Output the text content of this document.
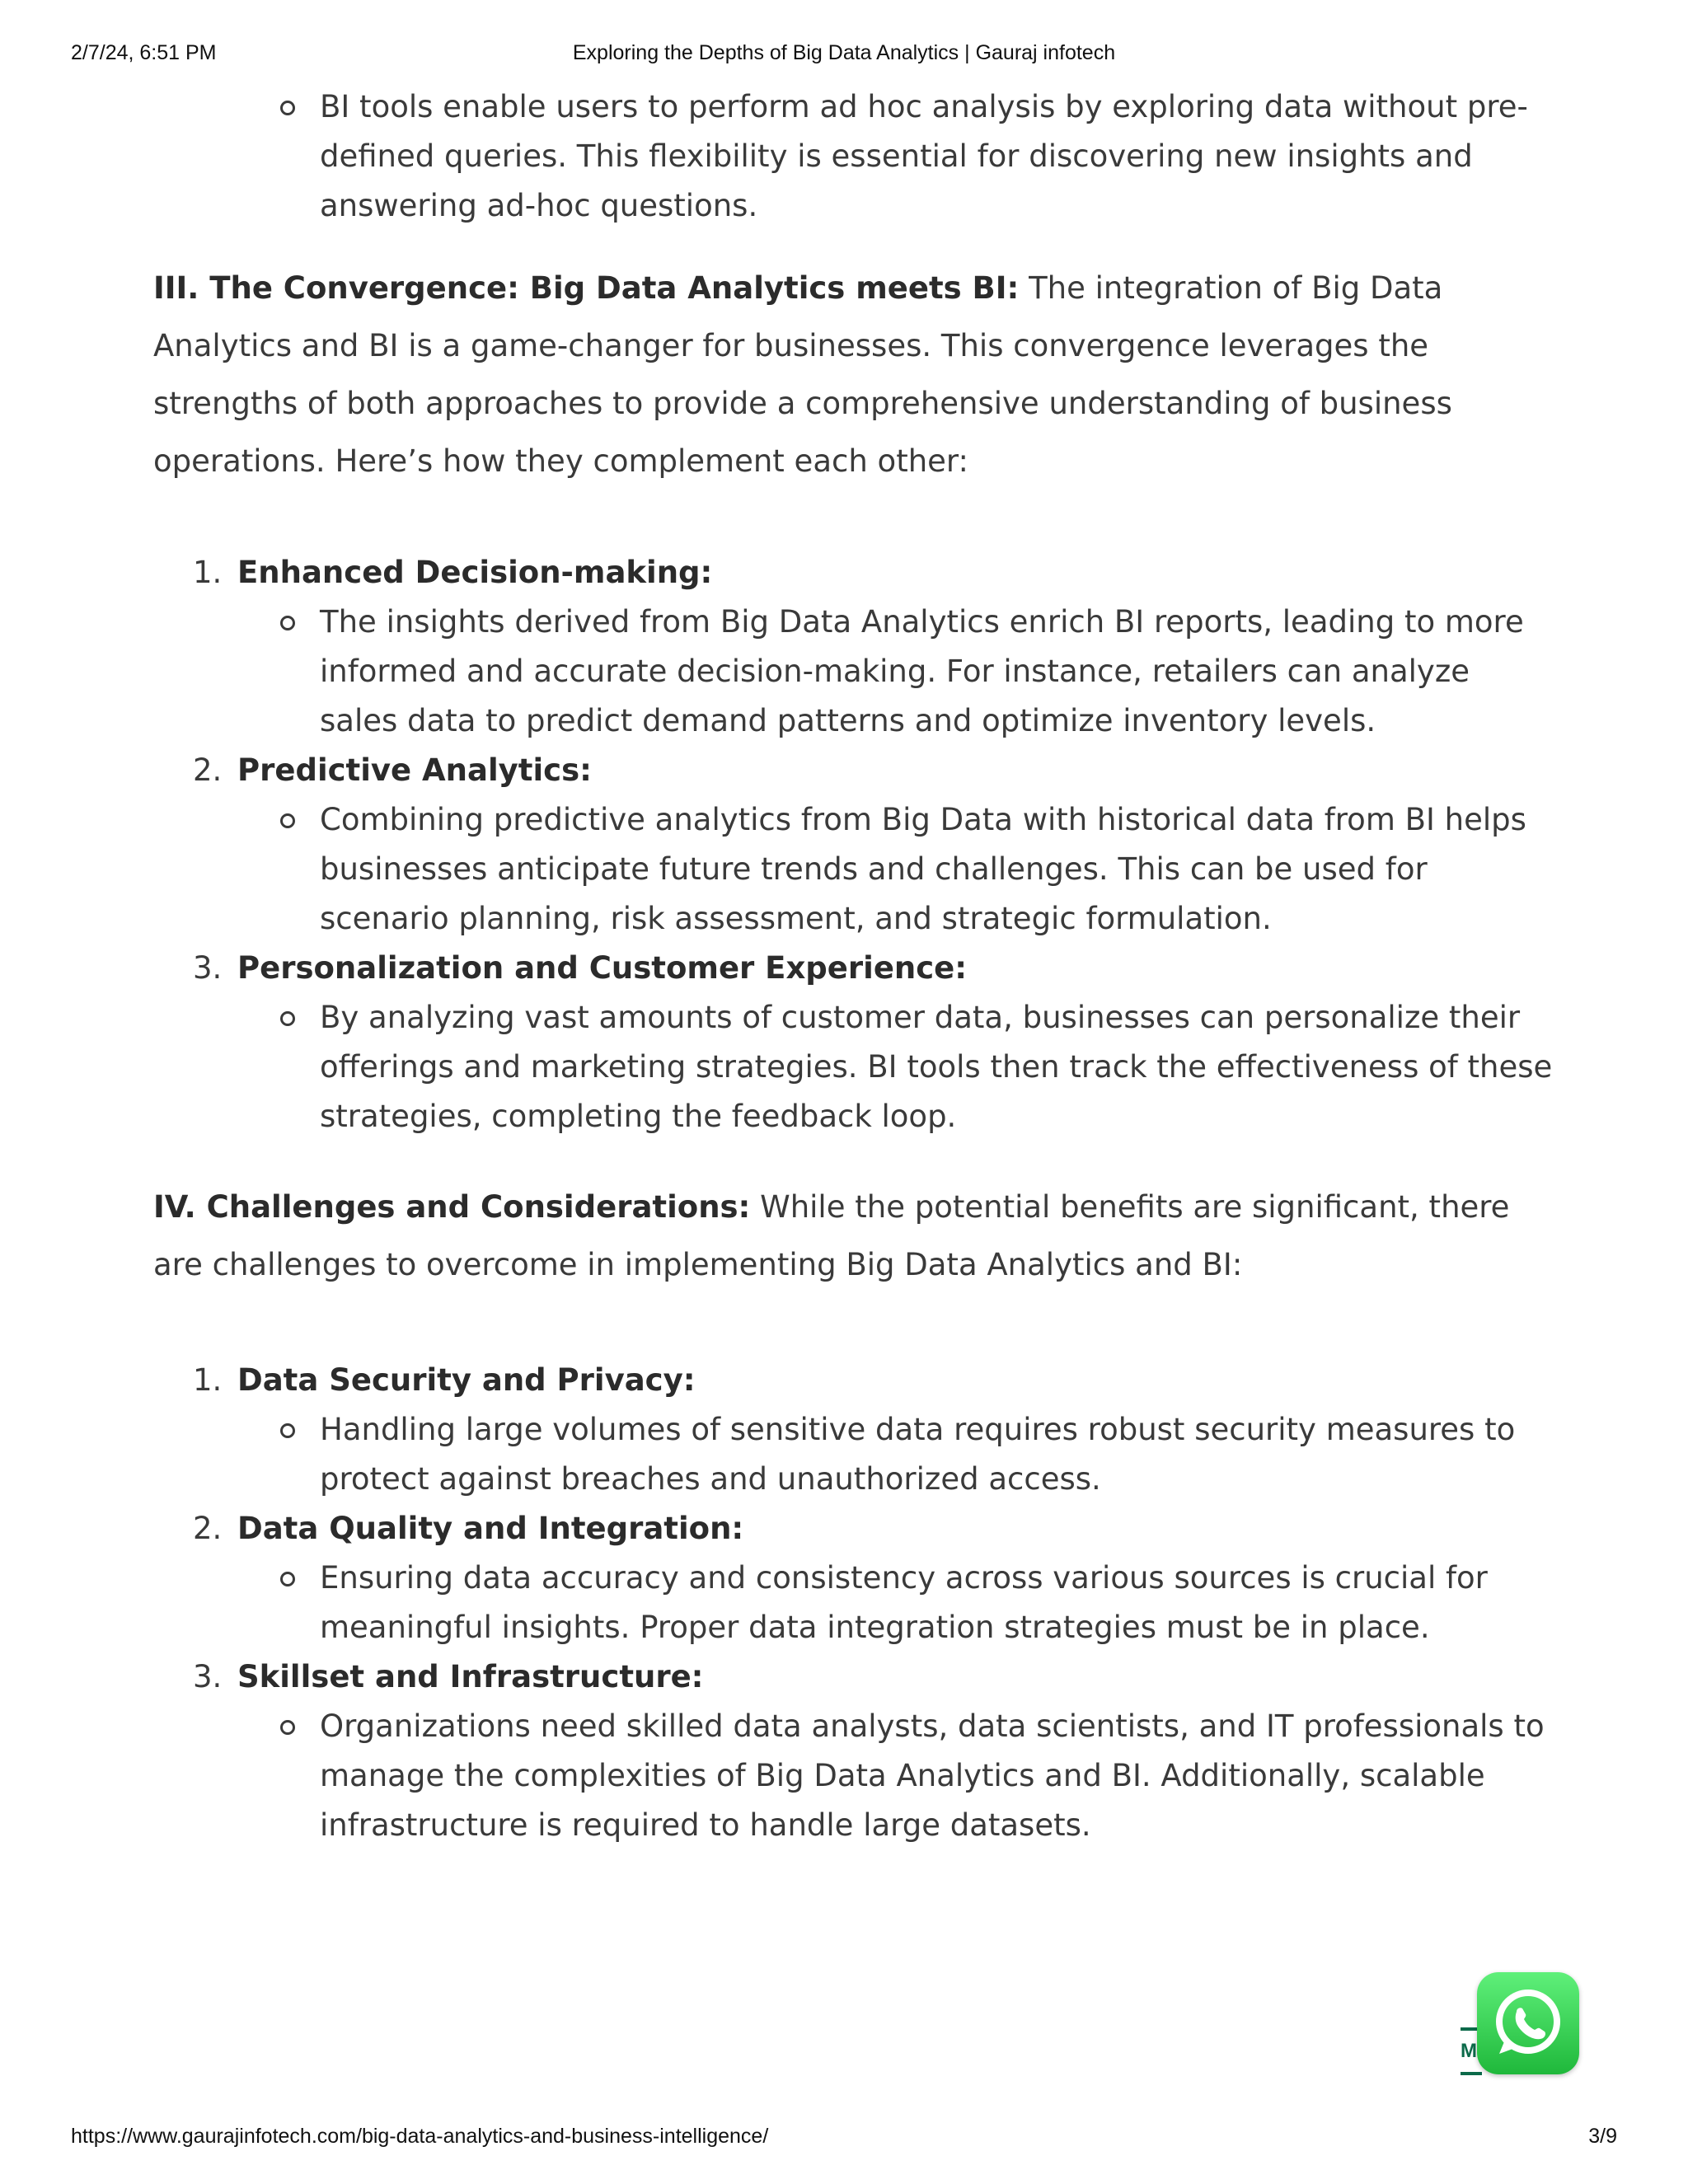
2/7/24, 6:51 PM	Exploring the Depths of Big Data Analytics | Gauraj infotech
BI tools enable users to perform ad hoc analysis by exploring data without pre-defined queries. This flexibility is essential for discovering new insights and answering ad-hoc questions.

III. The Convergence: Big Data Analytics meets BI: The integration of Big Data Analytics and BI is a game-changer for businesses. This convergence leverages the strengths of both approaches to provide a comprehensive understanding of business operations. Here’s how they complement each other:

1. Enhanced Decision-making:
The insights derived from Big Data Analytics enrich BI reports, leading to more informed and accurate decision-making. For instance, retailers can analyze sales data to predict demand patterns and optimize inventory levels.
2. Predictive Analytics:
Combining predictive analytics from Big Data with historical data from BI helps businesses anticipate future trends and challenges. This can be used for scenario planning, risk assessment, and strategic formulation.
3. Personalization and Customer Experience:
By analyzing vast amounts of customer data, businesses can personalize their offerings and marketing strategies. BI tools then track the effectiveness of these strategies, completing the feedback loop.

IV. Challenges and Considerations: While the potential benefits are significant, there are challenges to overcome in implementing Big Data Analytics and BI:

1. Data Security and Privacy:
Handling large volumes of sensitive data requires robust security measures to protect against breaches and unauthorized access.
2. Data Quality and Integration:
Ensuring data accuracy and consistency across various sources is crucial for meaningful insights. Proper data integration strategies must be in place.
3. Skillset and Infrastructure:
Organizations need skilled data analysts, data scientists, and IT professionals to manage the complexities of Big Data Analytics and BI. Additionally, scalable infrastructure is required to handle large datasets.
M
https://www.gaurajinfotech.com/big-data-analytics-and-business-intelligence/	3/9
